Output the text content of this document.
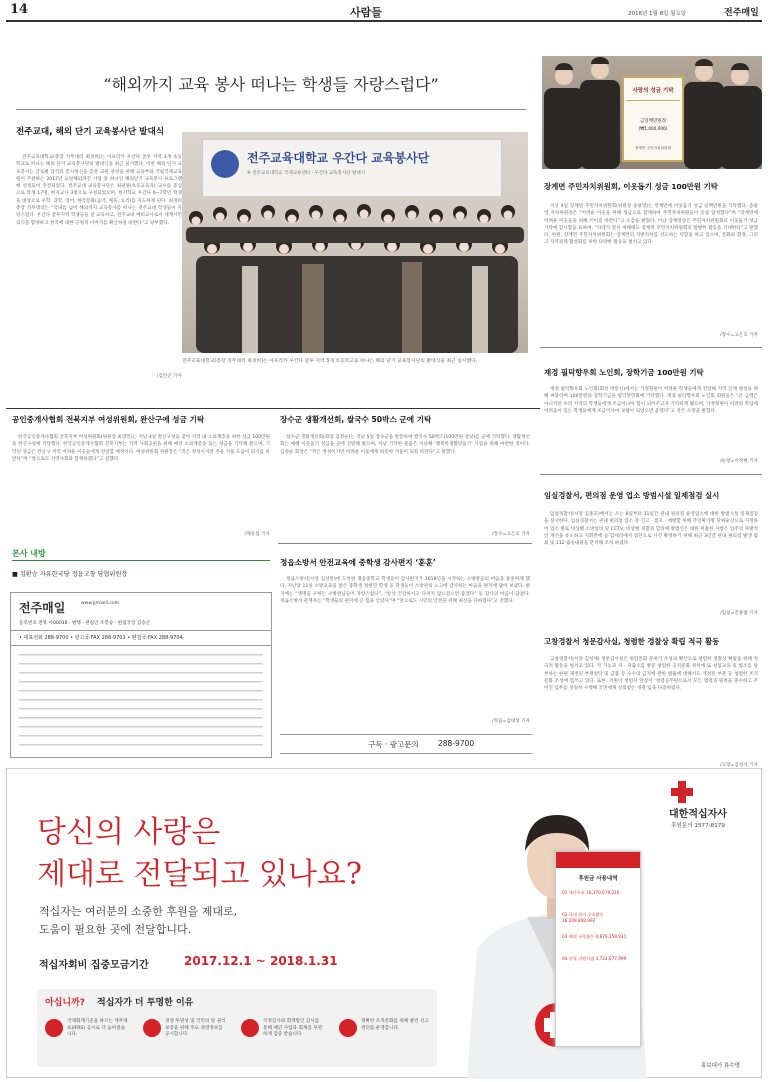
14	사람들	2018년 1월 8일 월요일	전주매일
“해외까지 교육 봉사 떠나는 학생들 자랑스럽다”
전주교대, 해외 단기 교육봉사단 발대식
전주교육대학교(총장 직무대리 최경희)는 아프리카 우간다 굴루 지역 3개 초등학교로 떠나는 해외 단기 교육봉사단의 발대식을 최근 실시했다. 이번 해외 단기 교육봉사는 글로벌 감각과 봉사정신을 갖춘 교원 양성을 위해 교육부와 국립국제교육원이 주관하는 2017년 교원해외파견 사업 중 하나인 해외단기 교육봉사 프로그램에 선정되어 추진되었다. 전주교대 교육봉사단은 최광용(초등교육과) 교수를 중심으로 학생 17명, 현지교사 3명으로 구성되었으며, 현지학교 우간다 6~7학년 학생을 대상으로 수학, 과학, 영어, 한국문화(음악, 체육, 요리)를 지도하게 된다. 최경희 총장 직무대리는 “국내를 넘어 해외까지 교육봉사를 떠나는 전주교대 학생들이 자랑스럽다. 우간다 굴루지역 학생들을 잘 교육하고, 전주교대 예비교사로서 세계시민의식을 함양하고 한국에 대한 긍정적 이미지를 확산하길 바란다”고 당부했다.
/김민곤 기자
전주교육대학교 우간다 교육봉사단
※ 전주교육대학교 국제교류센터 · 우간다 교육봉사단 발대식
전주교육대학교(총장 직무대리 최경희)는 아프리카 우간다 굴루 지역 3개 초등학교로 떠나는 해외 단기 교육봉사단의 발대식을 최근 실시했다.
사랑의 성금 기탁
금일백만원정
(₩1,000,000)
장계면 주민자치위원회
장계면 주민자치위원회, 이웃돕기 성금 100만원 기탁
지난 4일 장계면 주민자치위원회(위원장 송광영)는 장계면에 이웃돕기 성금 일백만원을 기탁했다. 송광영 자치위원장은 “어려운 이웃을 위해 성금으로 함께하여 주민자치위원들이 동참 달성했다”며 “장계면에 어려운 이웃들을 위해 쓰이길 바란다”고 소감을 밝혔다. 이날 장계면장은 주민자치위원회의 이웃돕기 성금기탁에 감사함을 표하며, “자네가 앞서 새해에도 장계면 주민자치위원회의 활발한 활동을 기대한다”고 말했다. 한편, 장계면 주민자치위원회는 장계면의 지방자치를 선도하는 역할을 하고 있으며, 문화와 환경, 그리고 지역경제 활성화를 위한 다양한 활동을 펼치고 있다.
/장수=고은호 기자
재경 필덕향우회 노인회, 장학기금 100만원 기탁
재경 필덕향우회 노인회(회장 박봉신)에서는 가정형편이 어려운 학생들에게 전달해 지역 인재 양성을 위해 써달라며 100만원의 장학기금을 필덕면민회에 기탁했다. 재경 필덕향우회 노인회 회원들은 “큰 금액은 아니지만 우리 지역의 학생들에게 조금이나마 힘이 되어주고자 기탁하게 됐으며, 가정형편이 어려워 학업에 어려움이 있는 학생들에게 조금이나마 보탬이 되었으면 좋겠다”고 작은 소망을 밝혔다.
/순창=이정현 기자
임실경찰서, 편의점 운영 업소 방범시설 일제점검 실시
임실경찰서(서장 김홍모)에서는 오는 8일부터 31일간 관내 편의점 운영업소에 대한 방범시설 일제점검을 실시한다. 임실경찰서는 관내 편의점 업소 중 신고 · 점포 · 예방할 위해 주인확가방 단위순산으로 지정하여 업소 별로 비상벨 소방설비 및 CCTV, 비상벨 경찰과 합의에 방법신은 대한 미흡한 사항은 업주의 자발적인 개선을 유도하고 지휘반에 등 합세리에서 점단으로 사건 확정하기 위해 최근 3년간 관내 편의점 발생 범죄 및 112 출동내용을 분석해 조치 하였다.
/임실=진종범 기자
고창경찰서 청문감사실, 청렴한 경찰상 확립 적극 활동
고창경찰서(서장 김성제) 청문감사실은 청렴문화 분위기 조성과 확산으로 청렴한 경찰상 확립을 위해 적극적 활동을 펼치고 있다. 각 기능과 지 · 파출소를 방문 청렴한 공직문화 정착에 또 청렴교육 및 법조를 당부하는 한편 개정된 부정청탁 및 금품 등 수수의 금지에 관한 법률에 대해서도 개정된 부분 등 청렴한 조직 문화 조성에 힘쓰고 있다. 또한, 직원이 청렴서 앞장서 ‘청렴공무원으로서 모든 법령과 원칙을 준수하고 주어진 임무를 성실히 수행해 국민에게 신뢰받는 경찰’임을 다짐하였다.
/고창=김성식 기자
공인중개사협회 전북지부 여성위원회, 완산구에 성금 기탁
한국공인중개사협회 전북지부 여성위원회(위원장 최영민)는 지난 4일 완산구청을 찾아 지역 내 소외계층을 위한 성금 100만원을 완산구청에 기탁했다. 한국공인중개사협회 전북지부는 지역 사회공헌을 위해 매년 소외계층을 돕는 성금을 기탁해 왔으며, 기탁된 성금은 완산구 지역 어려운 이웃들에게 전달할 예정이다. 여성위원회 위원장은 “작은 정성이지만 추운 겨울 도움이 되기를 바란다”며 “앞으로도 지역사회와 함께하겠다”고 전했다.
/채유섭 기자
본사 내방
■ 김환승 자유한국당 정읍고창 당협위원장
전주매일	www.jjmaeil.com
등록번호 전북 아00016 · 발행 · 편집인 조봉승 · 편집국장 김승곤
• 대표전화 288-9700 • 광고국·FAX 288-9701 • 편집국·FAX 288-9704
장수군 생활개선회, 쌀국수 50박스 군에 기탁
장수군 생활개선회(회장 김정순)는 지난 5일 장수군을 방문하여 쌀국수 50박스(100만원 상당)를 군에 기탁했다. 생활개선회는 매해 이웃돕기 성금을 군에 전달해 왔으며, 이날 기탁한 물품은 지난해 ‘행복한생활만들기’ 사업을 통해 마련한 것이다. 김정순 회장은 “작은 정성이지만 어려운 이웃에게 따뜻한 겨울이 되길 바란다”고 말했다.
/장수=고은호 기자
정읍소방서 안전교육에 중학생 감사편지 ‘훈훈’
정읍소방서(서장 김상만)에 도착한 정읍중학교 학생들이 감사편지가 2018년을 시작하는 소방관들의 마음을 훈훈하게 했다. 지난달 11일 소방교육을 받은 중학생 정현민 학생 등 학생들이 소방관의 노고에 감사하는 마음을 편지에 담아 보냈다. 편지에는 “생명을 구하는 소방관님들이 자랑스럽다”, “항상 건강하시고 다치지 않으셨으면 좋겠다” 등 감사의 마음이 담겼다. 정읍소방서 관계자는 “학생들의 편지에 큰 힘을 얻었다”며 “앞으로도 시민의 안전을 위해 최선을 다하겠다”고 전했다.
/정읍=김대성 기자
구독 · 광고문의	288-9700
당신의 사랑은
제대로 전달되고 있나요?
적십자는 여러분의 소중한 후원을 제대로,
도움이 필요한 곳에 전달합니다.
적십자회비 집중모금기간	2017.12.1 ~ 2018.1.31
아십니까? 적십자가 더 투명한 이유
국제회계기준을 따르는 재무제표(IFRS) 공시로 더 높아졌습니다.
경영 투명성 및 국민의 알 권리 보장을 위해 주요 경영정보를 공시합니다.
국정감사와 회계법인 감사를 통해 매년 사업과 회계를 투명하게 검증 받습니다.
정확한 조직문화를 위해 클린 신고센터를 운영합니다.
후원금 사용내역
01 재난구호 16,370,679,216
02 국내 위기 구호활동 16,209,808,992
03 해외 구호활동 4,879,359,931
04 헌혈 지원사업 3,722,677,999
대한적십자사
후원문의 1577-8179
홍보대사 류수영
